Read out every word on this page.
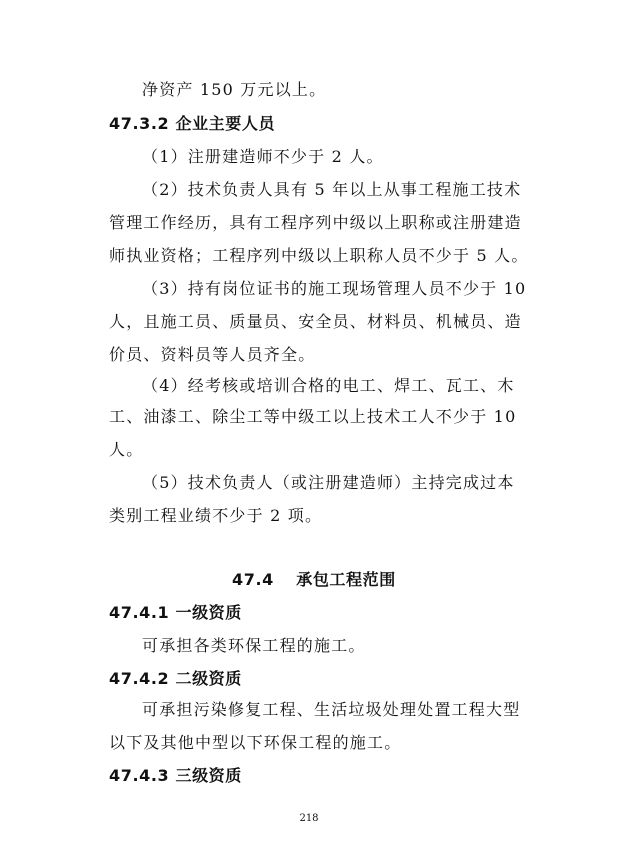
净资产 150 万元以上。
47.3.2 企业主要人员
（1）注册建造师不少于 2 人。
（2）技术负责人具有 5 年以上从事工程施工技术
管理工作经历，具有工程序列中级以上职称或注册建造
师执业资格；工程序列中级以上职称人员不少于 5 人。
（3）持有岗位证书的施工现场管理人员不少于 10
人，且施工员、质量员、安全员、材料员、机械员、造
价员、资料员等人员齐全。
（4）经考核或培训合格的电工、焊工、瓦工、木
工、油漆工、除尘工等中级工以上技术工人不少于 10
人。
（5）技术负责人（或注册建造师）主持完成过本
类别工程业绩不少于 2 项。
47.4 承包工程范围
47.4.1 一级资质
可承担各类环保工程的施工。
47.4.2 二级资质
可承担污染修复工程、生活垃圾处理处置工程大型
以下及其他中型以下环保工程的施工。
47.4.3 三级资质
218
